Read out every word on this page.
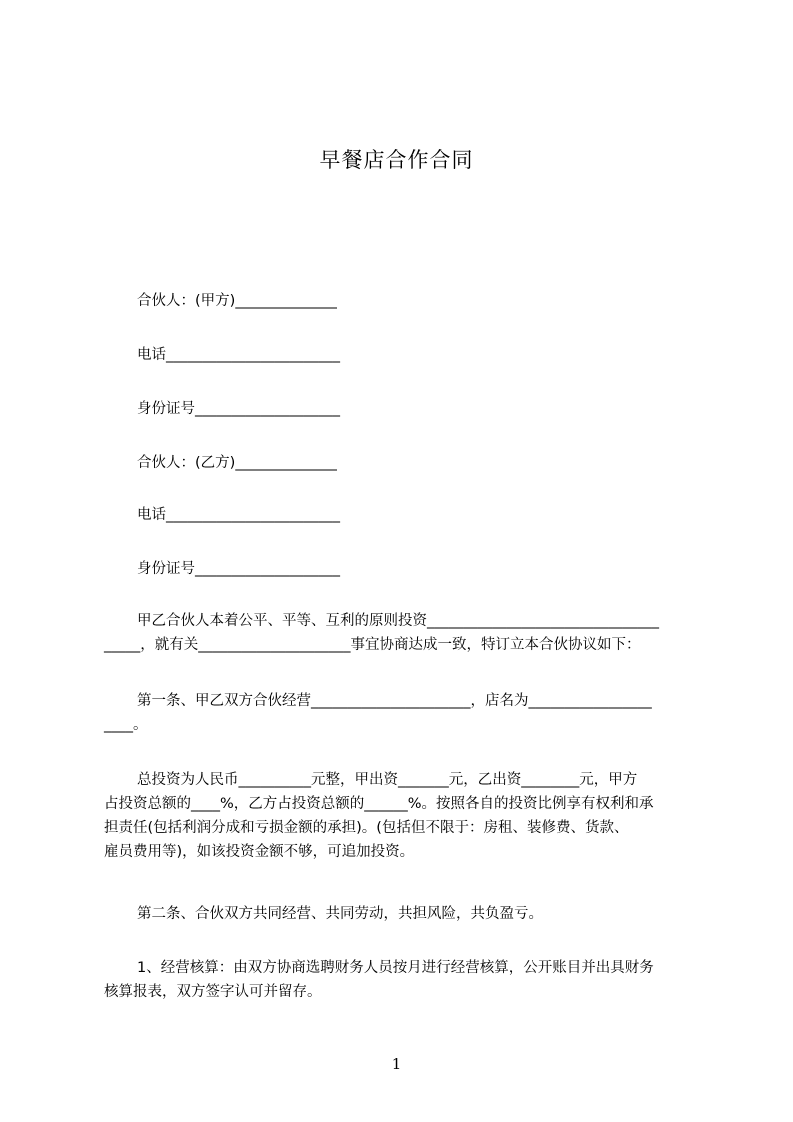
早餐店合作合同
合伙人：(甲方)______________
电话________________________
身份证号____________________
合伙人：(乙方)______________
电话________________________
身份证号____________________
甲乙合伙人本着公平、平等、互利的原则投资________________________________
_____，就有关_____________________事宜协商达成一致，特订立本合伙协议如下：
第一条、甲乙双方合伙经营______________________，店名为_________________
____。
总投资为人民币__________元整，甲出资_______元，乙出资________元，甲方
占投资总额的____%，乙方占投资总额的______%。按照各自的投资比例享有权利和承
担责任(包括利润分成和亏损金额的承担)。(包括但不限于：房租、装修费、货款、
雇员费用等)，如该投资金额不够，可追加投资。
第二条、合伙双方共同经营、共同劳动，共担风险，共负盈亏。
1、经营核算：由双方协商选聘财务人员按月进行经营核算，公开账目并出具财务
核算报表，双方签字认可并留存。
1
